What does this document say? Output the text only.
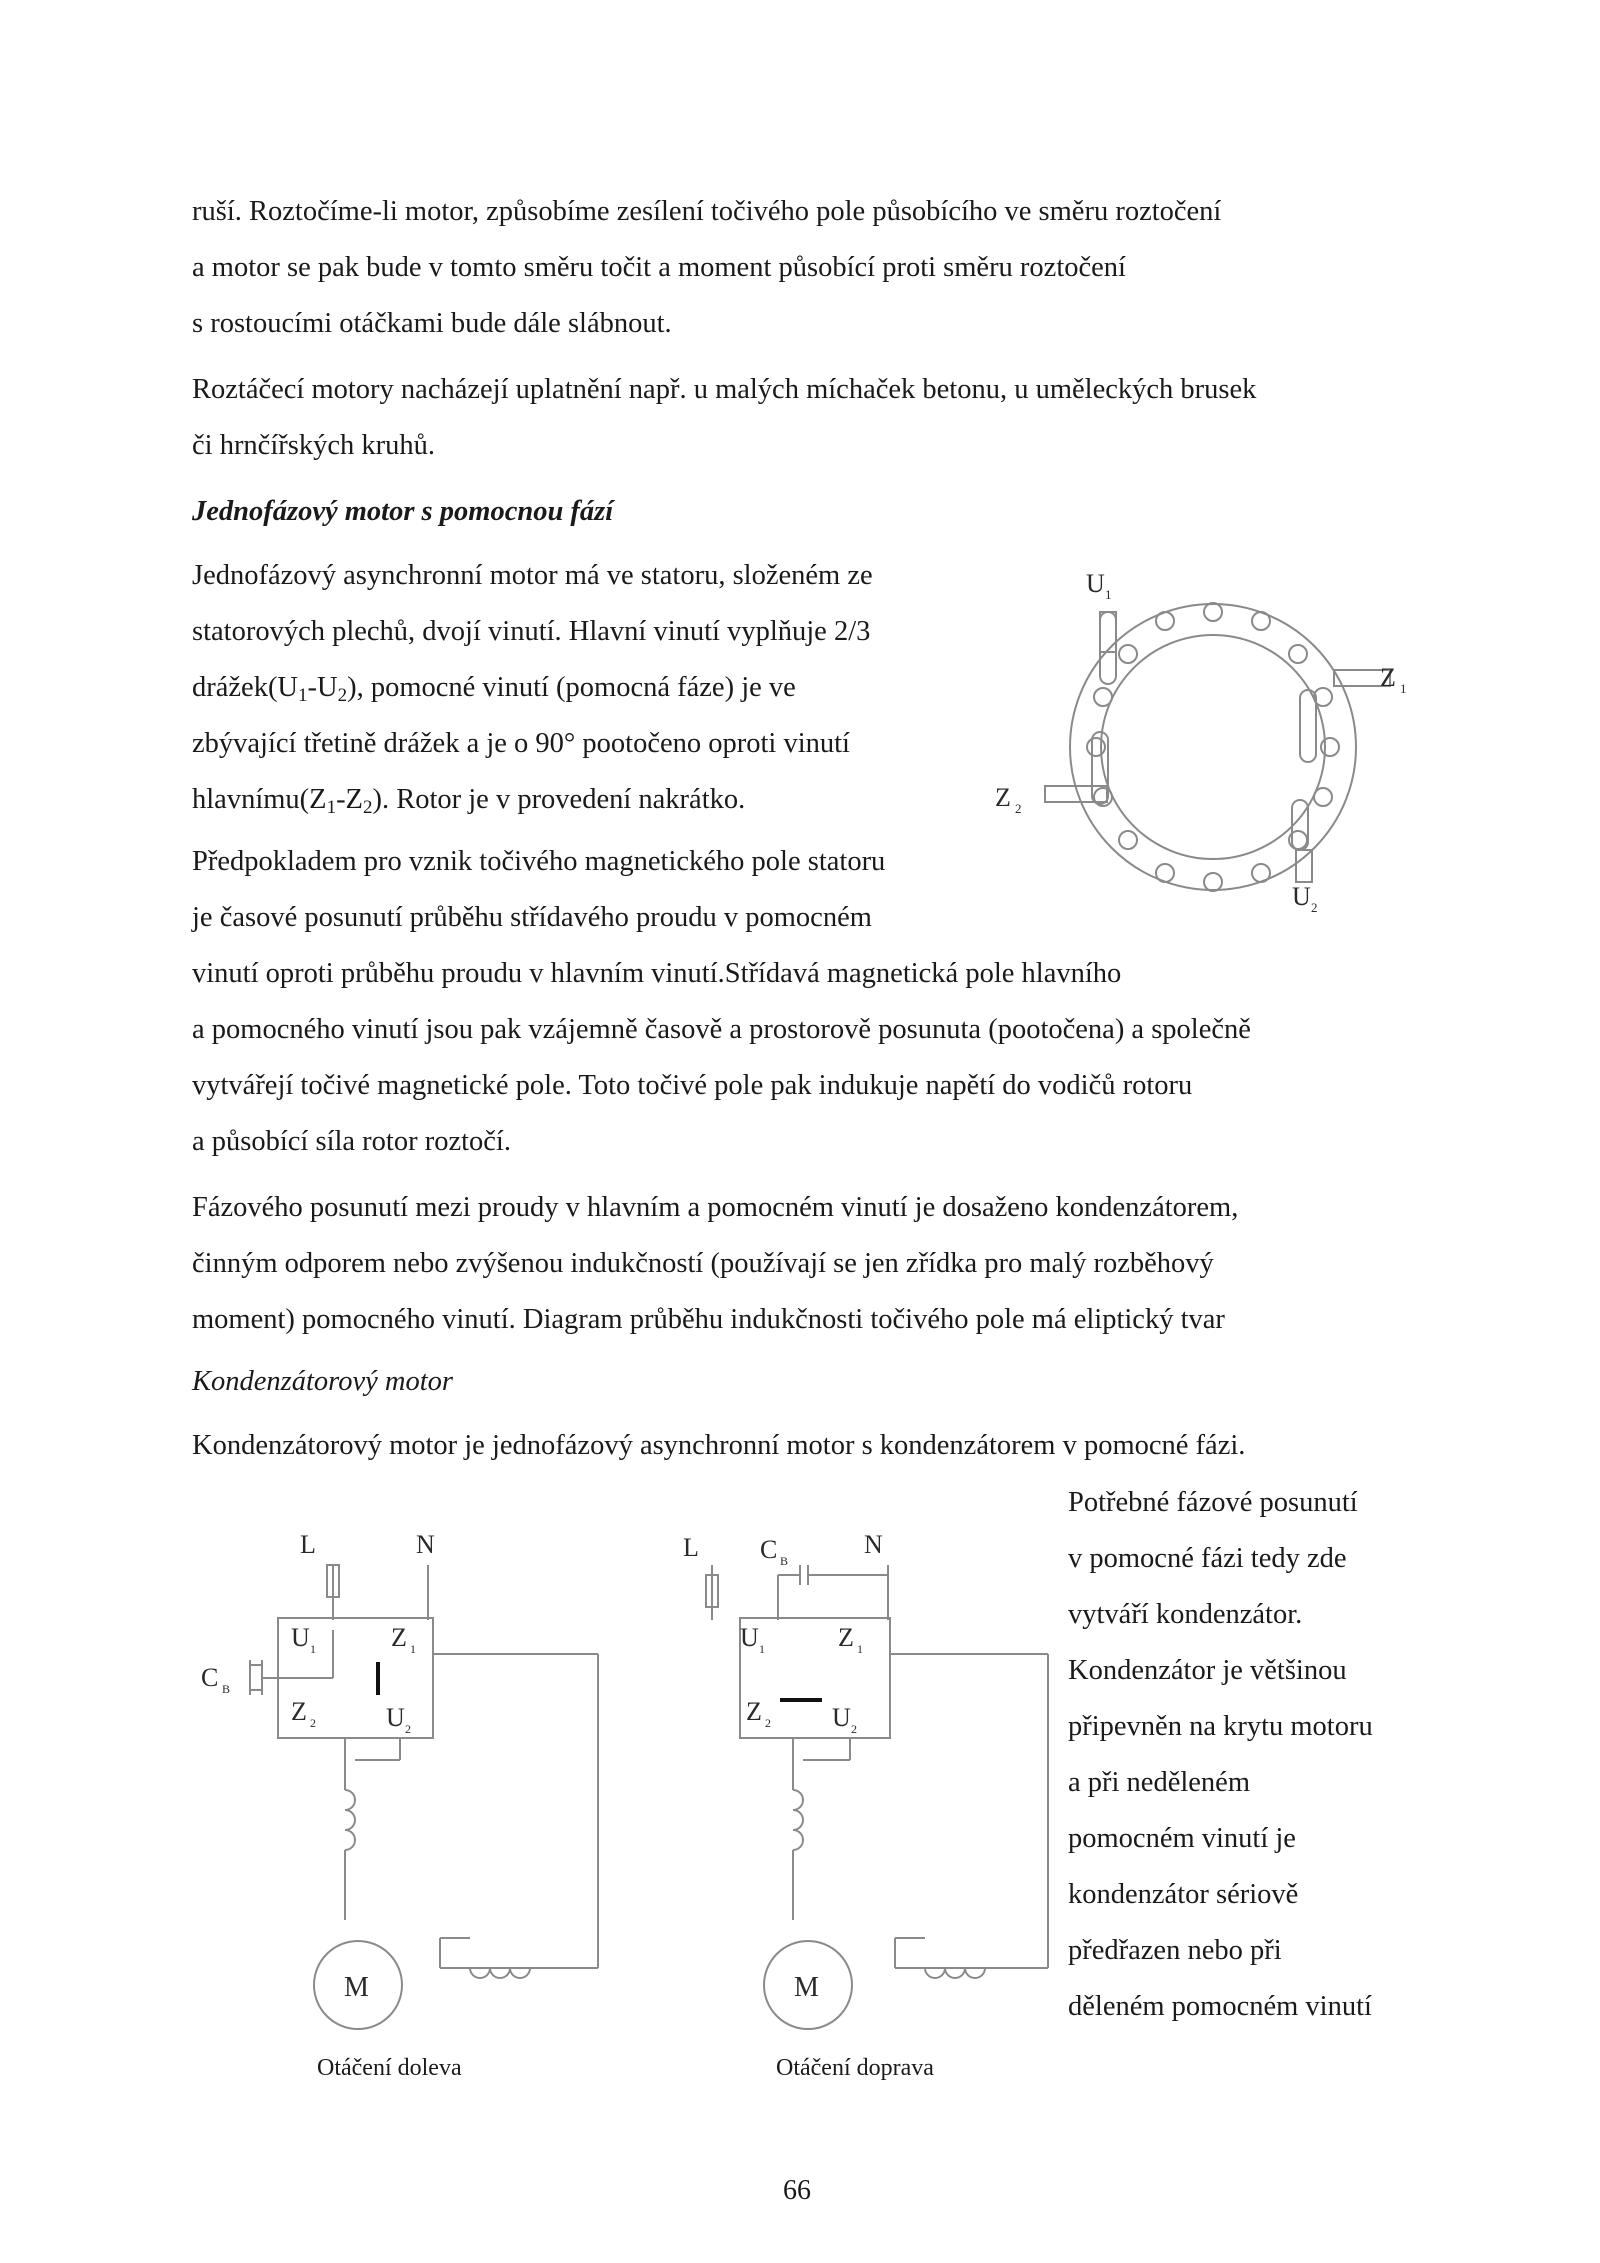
ruší. Roztočíme-li motor, způsobíme zesílení točivého pole působícího ve směru roztočení
a motor se pak bude v tomto směru točit a moment působící proti směru roztočení
s rostoucími otáčkami bude dále slábnout.
Roztáčecí motory nacházejí uplatnění např. u malých míchaček betonu, u uměleckých brusek
či hrnčířských kruhů.
Jednofázový motor s pomocnou fází
Jednofázový asynchronní motor má ve statoru, složeném ze
statorových plechů, dvojí vinutí. Hlavní vinutí vyplňuje 2/3
drážek(U1-U2), pomocné vinutí (pomocná fáze) je ve
zbývající třetině drážek a je o 90° pootočeno oproti vinutí
hlavnímu(Z1-Z2). Rotor je v provedení nakrátko.
Předpokladem pro vznik točivého magnetického pole statoru
je časové posunutí průběhu střídavého proudu v pomocném
vinutí oproti průběhu proudu v hlavním vinutí.Střídavá magnetická pole hlavního
a pomocného vinutí jsou pak vzájemně časově a prostorově posunuta (pootočena) a společně
vytvářejí točivé magnetické pole. Toto točivé pole pak indukuje napětí do vodičů rotoru
a působící síla rotor roztočí.
Fázového posunutí mezi proudy v hlavním a pomocném vinutí je dosaženo kondenzátorem,
činným odporem nebo zvýšenou indukčností (používají se jen zřídka pro malý rozběhový
moment) pomocného vinutí. Diagram průběhu indukčnosti točivého pole má eliptický tvar
Kondenzátorový motor
Kondenzátorový motor je jednofázový asynchronní motor s kondenzátorem v pomocné fázi.
Potřebné fázové posunutí
v pomocné fázi tedy zde
vytváří kondenzátor.
Kondenzátor je většinou
připevněn na krytu motoru
a při neděleném
pomocném vinutí je
kondenzátor sériově
předřazen nebo při
děleném pomocném vinutí
U 1
Z 1
Z 2
U 2
L	N
C B
U 1	Z 1
Z 2	U 2
M
Otáčení doleva
L C B
N
U 1	Z 1
Z 2 U 2
M
Otáčení doprava
66
